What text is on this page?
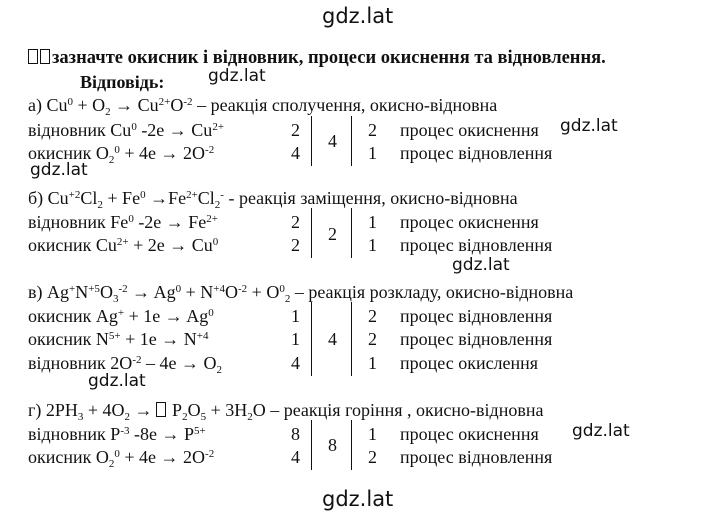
gdz.lat
gdz.lat
gdz.lat
gdz.lat
gdz.lat
gdz.lat
gdz.lat
gdz.lat
зазначте окисник і відновник, процеси окиснення та відновлення.
Відповідь:
а) $Cu^0 + O_2 \to Cu^{2+}O^{-2}$ – реакція сполучення, окисно-відновна
відновник Cu$^0$ $-2e \to Cu^{2+}$
окисник $O_2^0 + 4e \to 2O^{-2}$
2
4
4
2
1
процес окиснення
процес відновлення
б) $Cu^{+2}Cl_2 + Fe^0 \to Fe^{2+}Cl_2^-$ - реакція заміщення, окисно-відновна
відновник Fe$^0$ $-2e \to Fe^{2+}$
окисник $Cu^{2+} + 2e \to Cu^0$
2
2
2
1
1
процес окиснення
процес відновлення
в) $Ag^+N^{+5}O_3^{-2} \to Ag^0 + N^{+4}O^{-2} + O^0_2$ – реакція розкладу, окисно-відновна
окисник $Ag^+ + 1e \to Ag^0$
окисник $N^{5+} + 1e \to N^{+4}$
відновник $2O^{-2} - 4e \to O_2$
1
1
4
4
2
2
1
процес відновлення
процес відновлення
процес окислення
г) $2PH_3 + 4O_2 \to P_2O_5 + 3H_2O$ – реакція горіння , окисно-відновна
відновник $P^{-3}$ $-8e \to P^{5+}$
окисник $O_2^0 + 4e \to 2O^{-2}$
8
4
8
1
2
процес окиснення
процес відновлення
